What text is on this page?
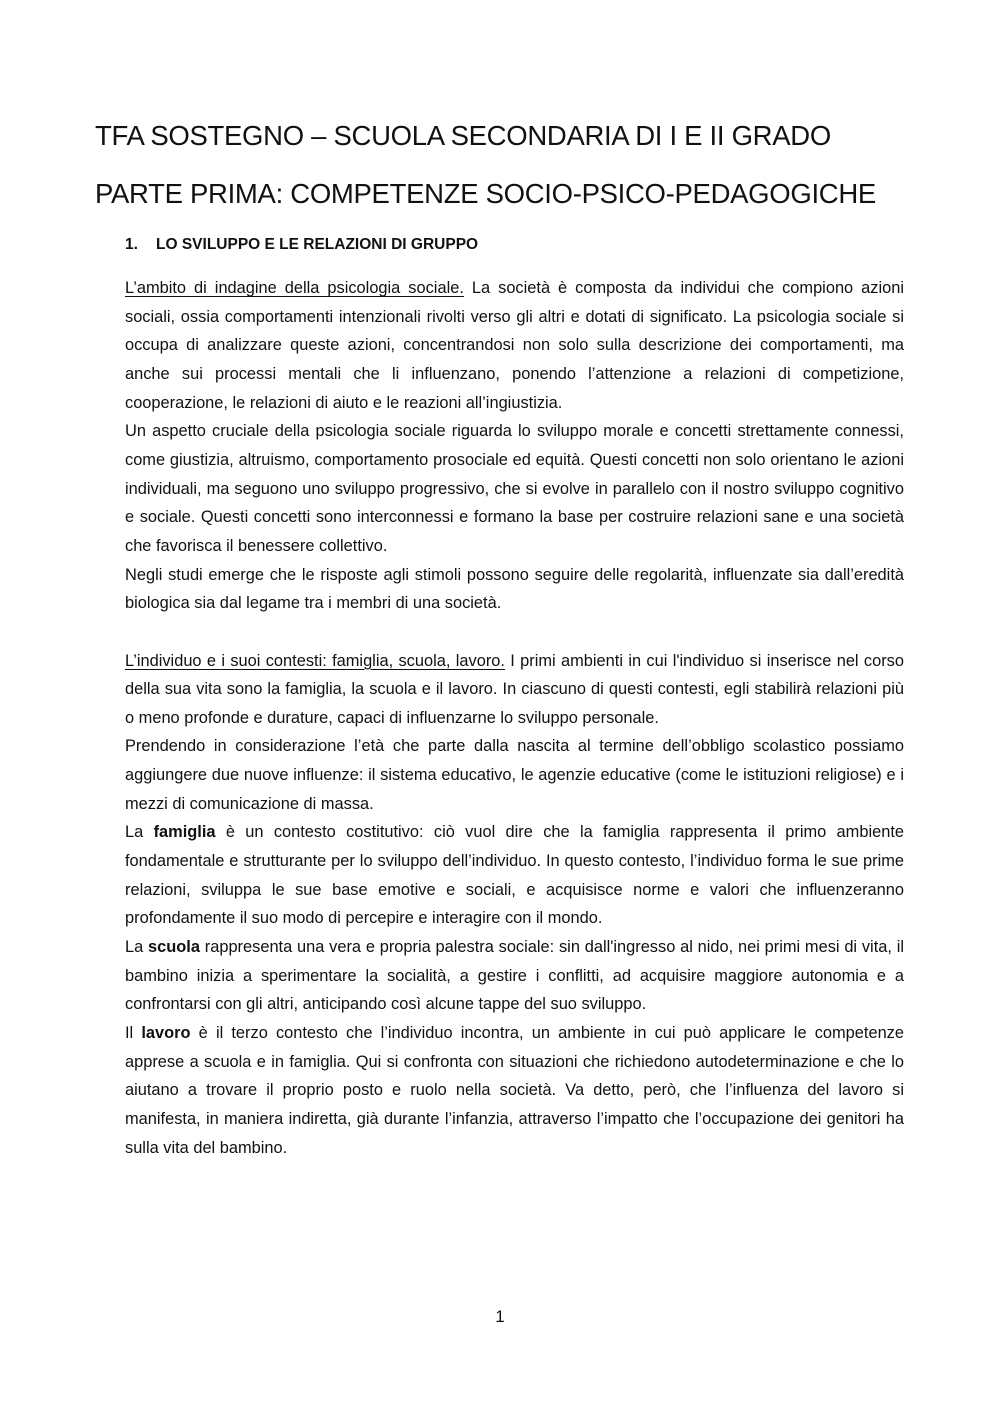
TFA SOSTEGNO – SCUOLA SECONDARIA DI I E II GRADO
PARTE PRIMA: COMPETENZE SOCIO-PSICO-PEDAGOGICHE
1. LO SVILUPPO E LE RELAZIONI DI GRUPPO

L’ambito di indagine della psicologia sociale. La società è composta da individui che compiono azioni sociali, ossia comportamenti intenzionali rivolti verso gli altri e dotati di significato. La psicologia sociale si occupa di analizzare queste azioni, concentrandosi non solo sulla descrizione dei comportamenti, ma anche sui processi mentali che li influenzano, ponendo l’attenzione a relazioni di competizione, cooperazione, le relazioni di aiuto e le reazioni all’ingiustizia.

Un aspetto cruciale della psicologia sociale riguarda lo sviluppo morale e concetti strettamente connessi, come giustizia, altruismo, comportamento prosociale ed equità. Questi concetti non solo orientano le azioni individuali, ma seguono uno sviluppo progressivo, che si evolve in parallelo con il nostro sviluppo cognitivo e sociale. Questi concetti sono interconnessi e formano la base per costruire relazioni sane e una società che favorisca il benessere collettivo.

Negli studi emerge che le risposte agli stimoli possono seguire delle regolarità, influenzate sia dall’eredità biologica sia dal legame tra i membri di una società.

L’individuo e i suoi contesti: famiglia, scuola, lavoro. I primi ambienti in cui l'individuo si inserisce nel corso della sua vita sono la famiglia, la scuola e il lavoro. In ciascuno di questi contesti, egli stabilirà relazioni più o meno profonde e durature, capaci di influenzarne lo sviluppo personale.

Prendendo in considerazione l’età che parte dalla nascita al termine dell’obbligo scolastico possiamo aggiungere due nuove influenze: il sistema educativo, le agenzie educative (come le istituzioni religiose) e i mezzi di comunicazione di massa.

La famiglia è un contesto costitutivo: ciò vuol dire che la famiglia rappresenta il primo ambiente fondamentale e strutturante per lo sviluppo dell’individuo. In questo contesto, l’individuo forma le sue prime relazioni, sviluppa le sue base emotive e sociali, e acquisisce norme e valori che influenzeranno profondamente il suo modo di percepire e interagire con il mondo.

La scuola rappresenta una vera e propria palestra sociale: sin dall'ingresso al nido, nei primi mesi di vita, il bambino inizia a sperimentare la socialità, a gestire i conflitti, ad acquisire maggiore autonomia e a confrontarsi con gli altri, anticipando così alcune tappe del suo sviluppo.

Il lavoro è il terzo contesto che l’individuo incontra, un ambiente in cui può applicare le competenze apprese a scuola e in famiglia. Qui si confronta con situazioni che richiedono autodeterminazione e che lo aiutano a trovare il proprio posto e ruolo nella società. Va detto, però, che l’influenza del lavoro si manifesta, in maniera indiretta, già durante l’infanzia, attraverso l’impatto che l’occupazione dei genitori ha sulla vita del bambino.

1
